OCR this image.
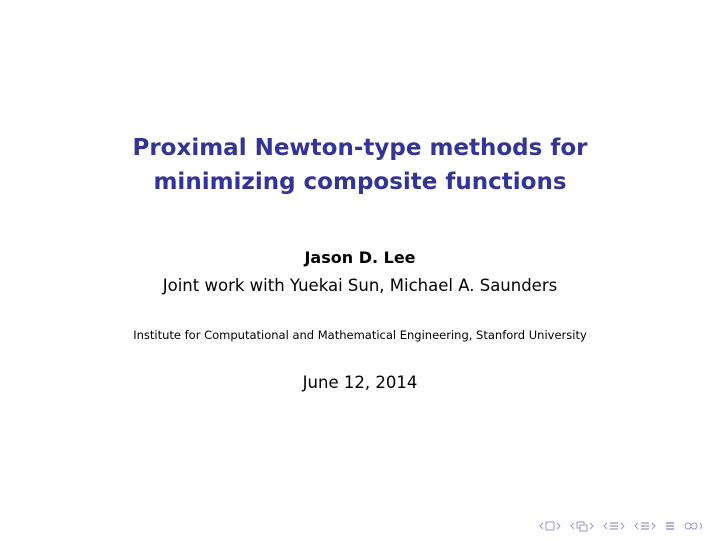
Proximal Newton-type methods for
minimizing composite functions
Jason D. Lee
Joint work with Yuekai Sun, Michael A. Saunders
Institute for Computational and Mathematical Engineering, Stanford University
June 12, 2014
